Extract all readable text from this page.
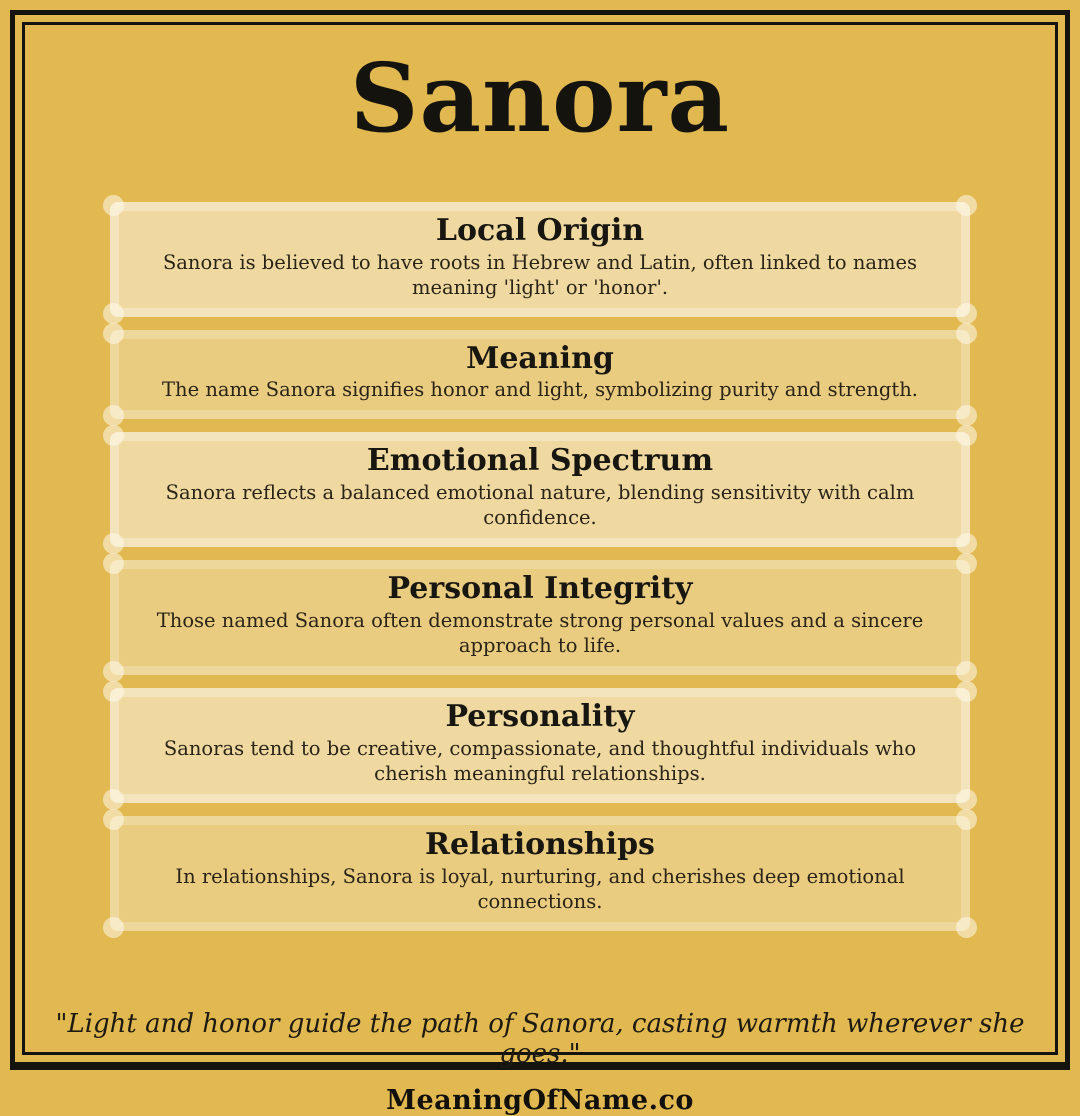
Sanora
Local Origin

Sanora is believed to have roots in Hebrew and Latin, often linked to names meaning 'light' or 'honor'.

Meaning

The name Sanora signifies honor and light, symbolizing purity and strength.

Emotional Spectrum

Sanora reflects a balanced emotional nature, blending sensitivity with calm confidence.

Personal Integrity

Those named Sanora often demonstrate strong personal values and a sincere approach to life.

Personality

Sanoras tend to be creative, compassionate, and thoughtful individuals who cherish meaningful relationships.

Relationships

In relationships, Sanora is loyal, nurturing, and cherishes deep emotional connections.

"Light and honor guide the path of Sanora, casting warmth wherever she goes."

MeaningOfName.co
